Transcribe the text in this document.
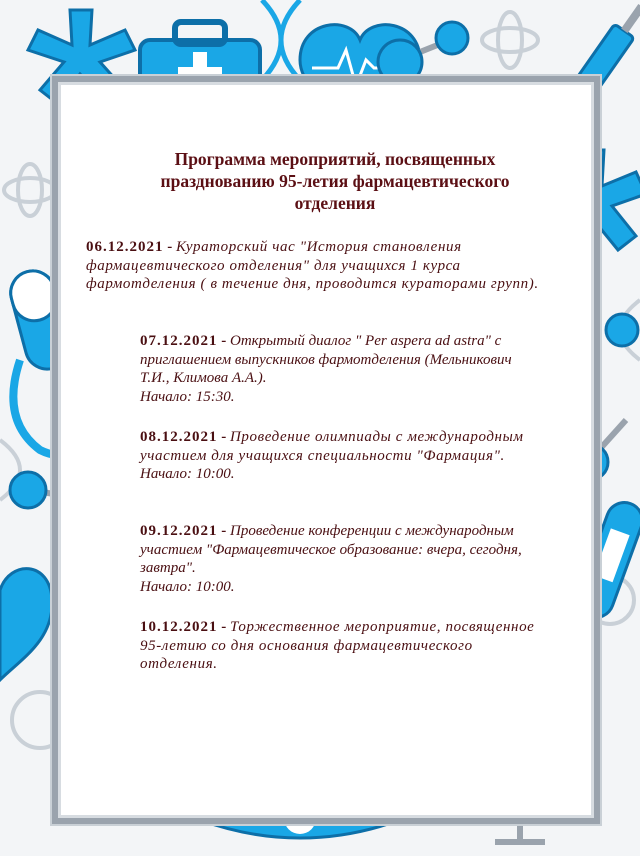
Программа мероприятий, посвященных празднованию 95-летия фармацевтического отделения

06.12.2021 - Кураторский час "История становления фармацевтического отделения" для учащихся 1 курса фармотделения ( в течение дня, проводится кураторами групп).

07.12.2021 - Открытый диалог " Per aspera ad astra" с приглашением выпускников фармотделения (Мельникович Т.И., Климова А.А.).
Начало: 15:30.

08.12.2021 - Проведение олимпиады с международным участием для учащихся специальности "Фармация".
Начало: 10:00.

09.12.2021 - Проведение конференции с международным участием "Фармацевтическое образование: вчера, сегодня, завтра".
Начало: 10:00.

10.12.2021 - Торжественное мероприятие, посвященное 95-летию со дня основания фармацевтического отделения.
